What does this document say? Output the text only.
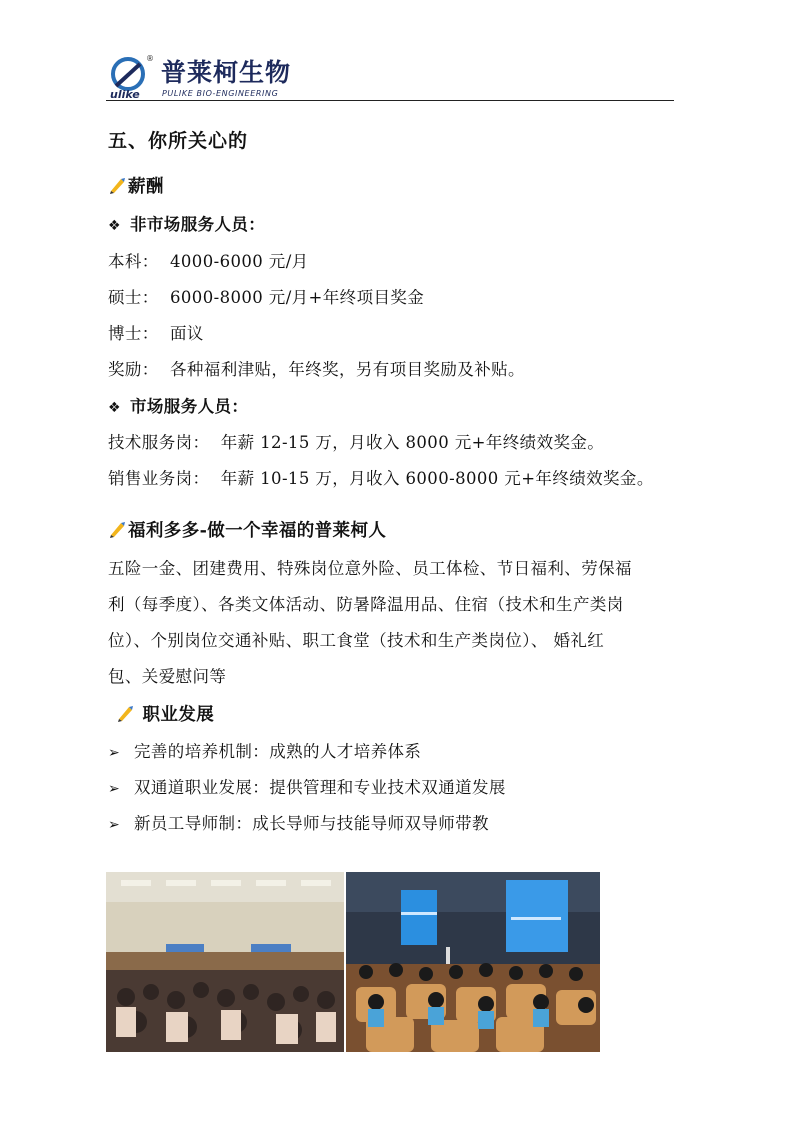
ulike
® 普莱柯生物
PULIKE BIO-ENGINEERING
五、你所关心的
薪酬
❖ 非市场服务人员：
本科： 4000-6000 元/月
硕士： 6000-8000 元/月+年终项目奖金
博士： 面议
奖励： 各种福利津贴，年终奖，另有项目奖励及补贴。
❖ 市场服务人员：
技术服务岗： 年薪 12-15 万，月收入 8000 元+年终绩效奖金。
销售业务岗： 年薪 10-15 万，月收入 6000-8000 元+年终绩效奖金。
福利多多-做一个幸福的普莱柯人
五险一金、团建费用、特殊岗位意外险、员工体检、节日福利、劳保福
利（每季度）、各类文体活动、防暑降温用品、住宿（技术和生产类岗
位）、个别岗位交通补贴、职工食堂（技术和生产类岗位）、 婚礼红
包、关爱慰问等
职业发展
➢ 完善的培养机制：成熟的人才培养体系
➢ 双通道职业发展：提供管理和专业技术双通道发展
➢ 新员工导师制：成长导师与技能导师双导师带教
